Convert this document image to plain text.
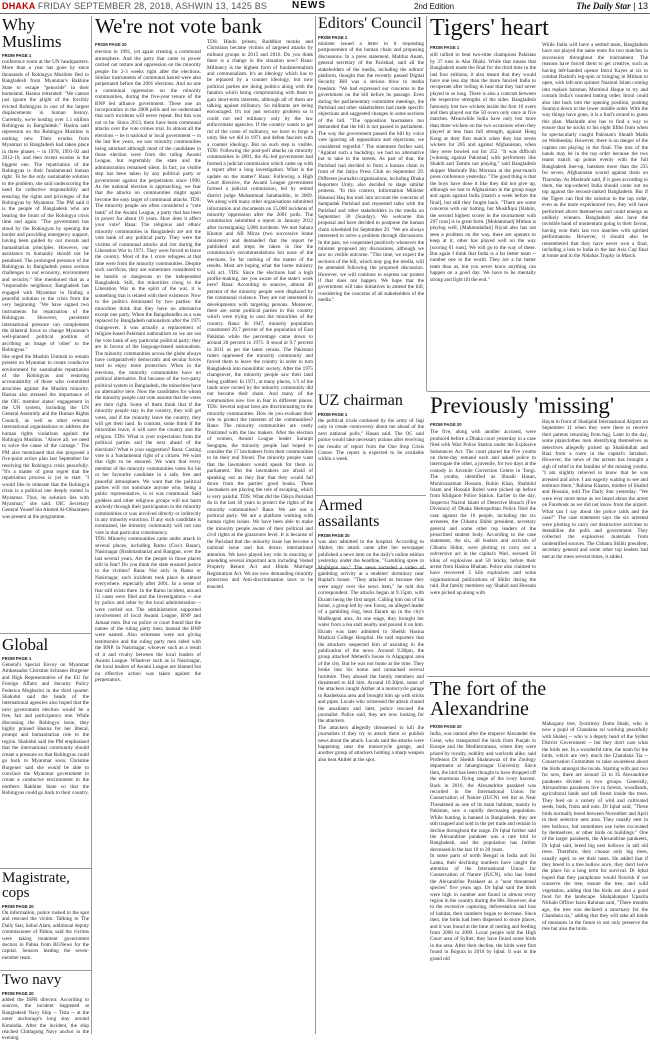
DHAKA FRIDAY SEPTEMBER 28, 2018, ASHWIN 13, 1425 BS NEWS	2nd Edition	The Daily Star | 13
Why Muslims
FROM PAGE 1
conference room at the UN headquarters. More than a year has gone by since thousands of Rohingya Muslims fled to Bangladesh from Myanmar's Rakhine State to escape "genocide" in their homeland. Hasina reiterated: "We cannot just ignore the plight of the forcibly evicted Rohingyas in one of the largest displacements in human history. Currently, we're hosting over 1.1 million Rohingyas in Bangladesh." Hasina said repression on the Rohingya Muslims is nothing new. Their exodus from Myanmar to Bangladesh had taken place in three phases -- in 1978, 1991-92 and 2012-16, and then recent exodus is the biggest one. The repatriation of the Rohingyas is their fundamental human right. To be the only sustainable solution to the problem, she said underscoring the need for collective responsibility and ensuring the rights and privileges of the Rohingyas by Myanmar. The PM said it is the people of Bangladesh who are bearing the brunt of the Rohingya crisis time and again. "The government has stood by the Rohingyas by opening the border and providing emergency support, having been guided by our morals and humanitarian principles. However, our assistance to humanity should not be penalised. The prolonged presence of the Rohingyas in Bangladesh poses serious challenges to our economy, environment and security." She mentioned that as a "responsible neighbour, Bangladesh has engaged with Myanmar in finding a peaceful solution to the crisis from the very beginning. "We have signed two instruments for repatriation of the Rohingyas. However, persistent international pressure can complement the bilateral focus to change Myanmar's well-planned political position of ascribing an image of 'other' to the Rohingyas."
She urged the Muslim Ummah to remain present on Myanmar to create conducive environment for sustainable repatriation of the Rohingyas and restoring accountability of those who committed atrocities against the Muslim minority. Hasina also stressed the importance of the OIC member states' engagement in the UN system, including the UN General Assembly and the Human Rights Council, as well as other relevant international organisations to address the human rights violations against the Rohingya Muslims. "Above all, we need to solve the cause of the carnage." The PM also mentioned that she proposed a five-point action plan last September for resolving the Rohingya crisis peacefully. "It's a matter of great regret that the repatriation process is yet to start. "I would like to reiterate that the Rohingya crisis is a political one deeply rooted in Myanmar. Thus, its solution lies with Myanmar," she said. OIC Secretary General Yousef bin Ahmed Al-Othaimeen was present at the programme.
Global
FROM PAGE 1
General's Special Envoy on Myanmar Ambassador Christine Schraner Burgener and High Representative of the EU for Foreign Affairs and Security Policy Federica Mogherini in the third quarter. Shahidul said the heads of the international agencies also hoped that the next government election would be a free, fair and participatory one. While discussing the Rohingya issue, they highly praised Hasina for her liberal, prompt and humanitarian role to the region. Shahidul said the PM emphasised that the international community should create a pressure so that Rohingyas could go back to Myanmar soon. Christine Burgener said she would be able to convince the Myanmar government to create a conducive environment in the northern Rakhine State so that the Rohingyas could go back to their country.
Magistrate, cops
FROM PAGE 20
On information, police rushed to the spot and rescued the victim. Talking to The Daily Star, Sohul Alam, additional deputy commissioner of Pabna, said the victims were taking treatment government doctors in Pabna from BGNews for the capital. Sensors leading the seven-member team.
Two navy
FROM PAGE 20
added the ISPR director. According to sources, the incident happened at Bangladesh Navy Ship -- Tista -- at the outer anchorage's long stay around Kutubdia. After the incident, the ship reached Chittagong Navy anchor in the evening.
We're not vote bank
FROM PAGE 20
election in 1991, yet again creating a communal atmosphere. And the party that came to power carried out torture and oppression on the minority people for 2-3 weeks right after the elections. Similar instruments of communal hatred were also perpetrated before the 2001 elections. And no one a communal oppression on the minority communities, during the five-year tenure of the BNP led alliance government. These one an incorporation in the 2008 polls and we understand that such incidents will never repeat. But this was not to be. Since 2013, there have been communal attacks over the vote crimes trial. In almost all the elections -- be it national or local government -- in the last few years, we saw minority communities being attacked although most of the candidates in those election were from the ruling Awami League, but regrettably the state and the administration remained silent. In fact, no visible step has been taken by any political party or government against the perpetrators since 1990. As the national election is approaching, we fear that the attacks on communities might again become the easy target of communal attacks. TDS: The minority people are often considered a "vote bank" of the Awami League, a party that has been in power for about 10 years. How does it affect your vote? Rana: The religious and ethnic minority communities in Bangladesh are not the vote bank of any political party. They were the victims of communal attacks and riot during the Liberation War in 1971. They were forced to leave the country. Most of the 1 crore refugees at that time were from the minority communities. Despite such sacrifices, they are sometimes considered to be hostile or dangerous to the independent Bangladesh. Still, the minorities clung to the Liberation War in the spirit of the war, it is something that is related with their existence. Now to the politics dominated by two parties: the minorities think that they have no alternative except one party. When the Bangabandhu as a was replaced by Bangladesh nationalism after the 1975 changeover, it was actually a replacement of religion-based Pakistani nationalism so we are not the vote bank of any particular political party; they are in favour of the language-based nationalism. The minority communities across the globe always have comparatively democratic and secular forces tend to enjoy more protection. When in the elections, the minority communities have no political alternative. But because of the two-party political system in Bangladesh, the minorities have no alternative here. Now the candidates for whom the minority people cast vote assume that the votes are their right. Some of them think that if the minority people stay in the country, they will get votes, and if the minority leave the country, they will get their land. In contrast, some think if the minorities leave, it will save the country and the religion. TDS: What is your expectation from the political parties and the next ahead of the elections? What is your suggestion? Rana: Casting vote is a fundamental right of a citizen. We want that right to be ensured. We want that every member of the minority communities votes for his or her favourite candidate in a safe, free and peaceful atmosphere. We want that the political parties will not nominate anyone who, being a public representative, is or was communal. Said goddess and other religious groups will not harm anybody through their participation in the minority communities or was involved directly or indirectly in any minority extortion. If any such candidate is nominated, the minority community will not cast vote in that particular constituency.
TDS: Minority communities came under attack in several places, including Ramu (Cox's Bazar), Nasirnagar (Brahmanbaria) and Rangpur, over the last several years. Are the people in those places still in fear? Do you think the state ensured justice to the victims? Rana: Not only in Ramu or Nasirnagar, such incidents took place in almost everywhere, especially after 2001. In a sense of fear still exists there. In the Ramu incident, around 15 cases were filed and the investigations -- one by police and other by the local administration -- were carried out. The administration supported involvement of local Awami League, BNP and Jamaat men. But no police or court found that the names of the ruling party men; instead the BNP were named. Also witnesses were not giving testimonies and the ruling party men sided with the BNP. In Nasirnagar, whoever such as a result of it and rivalry between the local leaders of Awami League. Whatever such as in Nasirnagar, the local leaders of Awami League are blamed but no effective action was taken against the perpetrators.
TDS: Hindu priests, Buddhist monks and Christians became victims of targeted attacks by militant groups in 2015 and 2016. Do you think there is a change in the situation now? Rana: Militancy is the highest form of fundamentalism and communalism. It's an ideology which has to be replaced by a counter ideology, but now political parties are doing politics along with the fanatics which being compromising with them to gain short-term interests, although all of them are talking against militancy. So militants are being encouraged. It's not just security problem so it could not end militancy only by the law enforcement agencies. If the country wants to get rid of the curse of militancy, we have to forge a unity like we did in 1971 and defeat fascism with a counter ideology. But no such step is visible. TDS: Following the post-poll attacks on minority communities in 2001, the AL-led government had formed a judicial commission which came up with a report after a long investigation. What is the update on the matter? Rana: Following a High Court directive, the Awami League government formed a judicial commission, led by retired district judge Mohammad Sahabuddin, in 2009. We along with many other organisations submitted information and documents on 15,000 incidents of minority oppression after the 2001 polls. The commission submitted a report in January 2012 after investigating 5,000 incidents. We met Sahara Khatun and AB Mirza (two successive home ministers) and demanded that the report be published and steps be taken in line the commission's recommendations but none of the elections. So far nothing of the matter of the results. Most are hoping what the home ministry will act. TDS: Since the elections had a high profile-making, are you aware of the state's work here? Rana: According to sources, almost 40 percent of the minority people were displaced by the communal violence. They are not interested in developments with targeting persons. Moreover, there are some political parties in this country which were trying to oust the minorities of the country. Rana: In 1947, minority population constituted 29.7 percent of the population of East Pakistan while the percentage came down to around 20 percent in 1971. It stood at 9.7 percent in 2011 as per the latest census. The Pakistani rulers oppressed the minority community and forced them to leave the country in order to turn Bangladesh into monolithic society. After the 1975 changeover, the minority people saw their land being grabbed. In 1971, at many places, 1/3 of the lands once owned by the minority community did not become their share. And many of the communities now live in fear in different places. TDS: Several unjust laws are discriminating to the minority communities. How do you evaluate their role to protect the interests of the communities? Rana: The minority communities are vastly frustrated with the law makers. After the election of women, Awami League leader Suranjit Sengupta, the minority people had hoped to consider the 17 lawmakers from their communities to be their real friend. The minority people want that the lawmakers would speak for them in parliament. But the lawmakers are afraid of speaking out as they fear that they would fall down from the parties' good books. These lawmakers are playing the role of escaping, which is very painful. TDS: What did the Oikya Parishad do in the last 30 years to protect the rights of the minority communities? Rana: We are not a political party. We are a platform working with human rights issues. We have been able to make the minority people aware of their political and civil rights at the grassroots level. It is because of the Parishad that the minority issue has become a national issue and has drawn international attention. We have played key role in enacting or amending several important acts including Vested Property Return Act and Hindu Marriage Registration Act. We are now demanding minority protection and Anti-discrimination laws to be enacted.
Editors' Council
FROM PAGE 1
minister issued a letter to it requesting postponement of the human chain and proposing discussions. In a press statement, Mahfuz Anam, general secretary of the Parishad, said all the stakeholders of the media, including the editors' platform, thought that the recently passed Digital Security Bill was a serious blow to media freedom. "We had expressed our concerns to the government on the bill before its passage. Even during the parliamentary committee meetings, the Parishad and other stakeholders had made specific objections and suggested changes in some sections of the bill. "The opposition lawmakers too demanded that the bill is not passed in parliament. The way the government passed the bill by voice vote ignoring all oppositions and objections, we considered regretful." The statement further said, "Against such a backdrop, we had no alternative but to take to the streets. As part of that, the Parishad had decided to form a human chain in front of the Jatiya Press Club on September 29. Different journalist organisations, including Dhaka Reporters Unity, also decided to stage similar protests. "In this context, Information Minister Hasanul Haq Inu took into account the concerns of Sampadak Parishad and requested talks with the Parishad and other stakeholders in the media on September 30 (Sunday). We welcome this proposal and have decided to postpone the human chain scheduled for September 29. "We are always interested to solve a problem through discussions. In the past, we cooperated positively whenever the minister proposed any discussions, although we saw no visible outcome. "This time, we expect the sections of the bill, which may gag the media, will be amended following the proposed discussion. However, we will continue to express our protest if that does not happen. We hope that the government will take initiatives to amend the bill, considering the concerns of all stakeholders of the media."
UZ chairman
FROM PAGE 1
the political rivals cordoned by the army of Jagi only to create controversy about me ahead of the next national polls," Hasan said. The OC said police would take necessary actions after receiving the results of report from the One Stop Crisis Centre. The report is expected to be available within a week.
Armed assailants
FROM PAGE 20
was also admitted to the hospital. According to Akther, the attack came after her newspaper published a news item on the daily's online edition yesterday under the headline, "Gambling spree in Majhigon too." The news included a video of gambling activity at a students' dormitory near Ruplal's house. "They attacked us because they were angry over the news item," he told this correspondent. The attacks began at 9.15pm, with Ekram being the first target. Calling him out of his home, a group led by one Faruq, an alleged leader of a gambling ring, beat Ekram up in the city's Madhugeni area. At one stage, they brought her water from a tea stall nearby and poured it on him. Ekram was later admitted to Sheikh Hasina Medical College Hospital. He told reporters that the attackers suspected him of assisting in the publication of the news. Around 9.30pm, the group attacked Mehedi's house in Alapgapni area of the city. But he was not home at the time. They broke into his home and ransacked several furniture. They abused the family members and threatened to kill him. Around 10.30pm, some of the attackers caught Akther at a motorcycle garage in Rasheksna area and brought him up with sticks and pipes. Locals who witnessed the attack chased the assailants and later, police rescued the journalist. Police said, they are now looking for the attackers.
The attackers allegedly threatened to kill the journalists if they try to attack them or publish news about the attack. Locals said the attacks were happening near the motorcycle garage, and another group of attackers holding a sharp weapon also beat Akther at the spot.
Tigers' heart
FROM PAGE 1
still rallied to beat two-time champions Pakistan by 37 runs in Abu Dhabi. While that means that Bangladesh made the final for the third time in the last four editions, it also meant that they would have one less day than the more fancied India to recuperate after toiling in heat that they had never played in so long. There is also a contrast between the respective strengths of the sides. Bangladesh famously lost two wickets inside the first 10 overs and then played out the 50 overs only once in five matches. Meanwhile India have only lost more than three wickets on the two occasions when they played at less than full strength, against Hong Kong at their first match when they lost seven wickets for 285 and against Afghanistan, when they were bowled out for 252. "It was difficult [winning against Pakistan] with performers like Shakib and Tamim not playing," said Bangladesh skipper Mashrafe Bin Mortaza at the post-match press conference yesterday. "The good thing is that the boys have done it like they did not give up, although we lost to Afghanistan in the group stage and again against India [match a week before the final], but still they fought back. "There are some concerns with our batting, but Mushfiqur [Rahim, the second highest scorer in the tournament with 297 runs] is in great form. [Mohammad] Mithun is playing well, [Mahmudullah] Riyad also has not seen a problem on the way, there are openers to keep at it, other has played well on the way [scoring 61 runs]. We will go to the way of these. But again I think that India is a far better team -- number one in the world. They are a far better team than us, but you never know anything can happen on a good day. We have to be mentally strong and fight till the end."
While India will have a settled team, Bangladesh have not played the same team for two matches in succession throughout the tournament. The reasons have forced them to get creative, such as having left-handed opener Imrul Kayes at six to combat Rashid's leg-spin or bringing in Mithun to open, with left-arm spinner Nazmul Islam coming into replace batsman Mominul Haque to try and contain India's vaunted batting order. Imrul could also slot back into the opening position, pushing Soumya down to the lower middle order. With the way things have gone, it is a fool's errand to guess this plan. Mashrafe also has to find a way to ensure that he sticks to his eight fifths from when he spectacularly caught Pakistan's Shoaib Malik on Wednesday. However, there is no danger of the captain not playing in the final. The toss of the hands may be in the top order because the two teams match up points evenly with the full Bangladesh line-up, batsmen more than the 235 for seven, Afghanistan scored against them on Thursday. As Mashrafe said, if it goes according to them, the top-ordered India should come out on top against the second-ranked Bangladesh. But if the Tigers can find the solution to the top order, even as the more experienced two, they will have performed above themselves and could emerge as unlikely winners. Bangladesh also have the invisible hand of momentum going in their favour, having won their last two matches with spirited performances. However, it should also be remembered that they have never won a final, including a loss to India in the last Asia Cup final at home and in the Nidahas Trophy in March.
Previously 'missing'
FROM PAGE 20
The five, along with another accused, were produced before a Dhaka court yesterday in a case filed with Wari Police Station under the Explosive Substances Act. The court placed the five youths on three-day remand each and asked police to interrogate the other, a juvenile, for two days at the custody in Juvenile Correction Centre in Tongi. The youths, identified as Shoaib Hasan, Moniruzzaman Hossain, Robin Khan, Shahidul Islam and Hossain Rubel were picked up before from Khilgaon Police Station. Earlier in the day, Inspector Nazrul Islam of Detective Branch (Fire Division) of Dhaka Metropolitan Police filed the case against the 16 people, including the six arrestees, the Chhatra Shibir president, secretary general and some other top leaders of the proscribed student body. According to the case statement, the six, all leaders and activists of Chhatra Shibir, were plotting to carry out a subversive act in the capital's Wari, secured 50 kilos of explosives and 50 bricks, before their arrest from Hasina Bhaban. Police also claimed to have recovered 5 kilo explosives and some organisational publications of Shibir during the raid. But family members say Shahid and Hossain were picked up along with
Hayat in front of Shahjalal International Airport on September 11 when they were there to receive their parents returning from hajj. Later in the day, some plainclothes men identifying themselves as detectives allegedly picked up Shahidullah and Riaz from a room in the capital's Jatrabari. However, the news of the arrests has brought a sigh of relief to the families of the missing youths. "I am slightly relieved to know that he was arrested and alive. I am eagerly waiting to see and embrace them," Rahima Khatun, mother of Shahid and Hossain, told The Daily Star yesterday. "We were ever more tense as we heard about the arrest on Facebook as we did not know from the airport. What can I say about the police raids and the case?" The case statement says the six arrested were plotting to carry out destructive activities to destabilise the polls and government. They collected the explosives materials from unidentified sources. The Chhatra Shibir president, secretary general and some other top leaders had met at the mess several times, it added.
The fort of the Alexandrine
FROM PAGE 20
India, was named after the emperor Alexander the Great, who transported the birds from Punjab to Europe and the Mediterranean, where they were prized by royalty, nobility and warlords alike, said Professor Dr Sheikh Shahnawaz of the Zoology department at Jahangirnagar University. Since then, the bird has been thought to have dropped off the enormous flying range of the ivory harvest. Back in 2016, the Alexandrine parakeet was recorded in the International Union for Conservation of Nature (IUCN) red list as Near Threatened as one of its main habitats, mainly in Pakistan, saw a rapidly decreasing population. While hunting is banned in Bangladesh, they are still trapped and sold in the pet trade and remain in decline throughout the range. Dr Iqbal further said the Alexandrine parakeet was a rare bird in Bangladesh, and the population has further decreased in the last 10 to 20 years.
In some parts of north Bengal in India and Sri Lanka, their declining numbers have caught the attention of the International Union for Conservation of Nature (IUCN), who has listed the Alexandrine Parakeet as a "near threatened species" five years ago. Dr Iqbal said the birds were high in number and found in almost every region in the country during the 80s. However, due to the excessive capturing, deforestation and loss of habitat, their numbers began to decrease. Since then, the birds had been dispersed to more places, and it was found at the time of nesting and feeding from 2006 to 2009. Local people told the High Court area of Sylhet, they have found some birds in the area. After their decline, the birds were first found in Bogura in 2010 by Iqbal. It was in the grand old
Mahogany tree, Jyotirmoy Dutta Shahi, who is now a pupil of Chandana rai working peacefully with Shahej -- who is a deputy head of the Sylhet District Government -- but they don't care what the birds are. In a wonderful time, the team for the birds, which are very much the Chandana Tia -- Conservation Committee to raise awareness about the birds amongst the locals. Starting with just two for now, there are around 33 to 35 Alexandrine parakeets divided in two groups. Generally, Alexandrine parakeets live in forests, woodlands, agricultural lands and tall forest inside the trees. They feed on a variety of wild and cultivated seeds, buds, fruits and nuts. Dr Iqbal said, "These birds normally breed between November and April in their selective nest area. They usually nest in tree hollows, but sometimes use holes excavated by themselves, or other birds on buildings." One of the larger parakeets, the Alexandrine parakeets, Dr Iqbal said, breed big nest hollows in tall old trees. Therefore, they choose only big trees, usually aged, to set their nests. He added that if they breed in a tree hollow once, they don't leave the place for a long term for survival. Dr Iqbal hoped that they paraphrase would flourish if we conserve the tree, ensure the tree, and wild vegetation, adding that the birds are also a good food for the landscape. Shahjahanpur Upazila Nirbahi Officer Isaru Rahman said, "There months ago, the tree was declared a sanctuary for the Chandana tia," adding that they will take all kinds of measures in the future to not only preserve the tree but also the birds.
